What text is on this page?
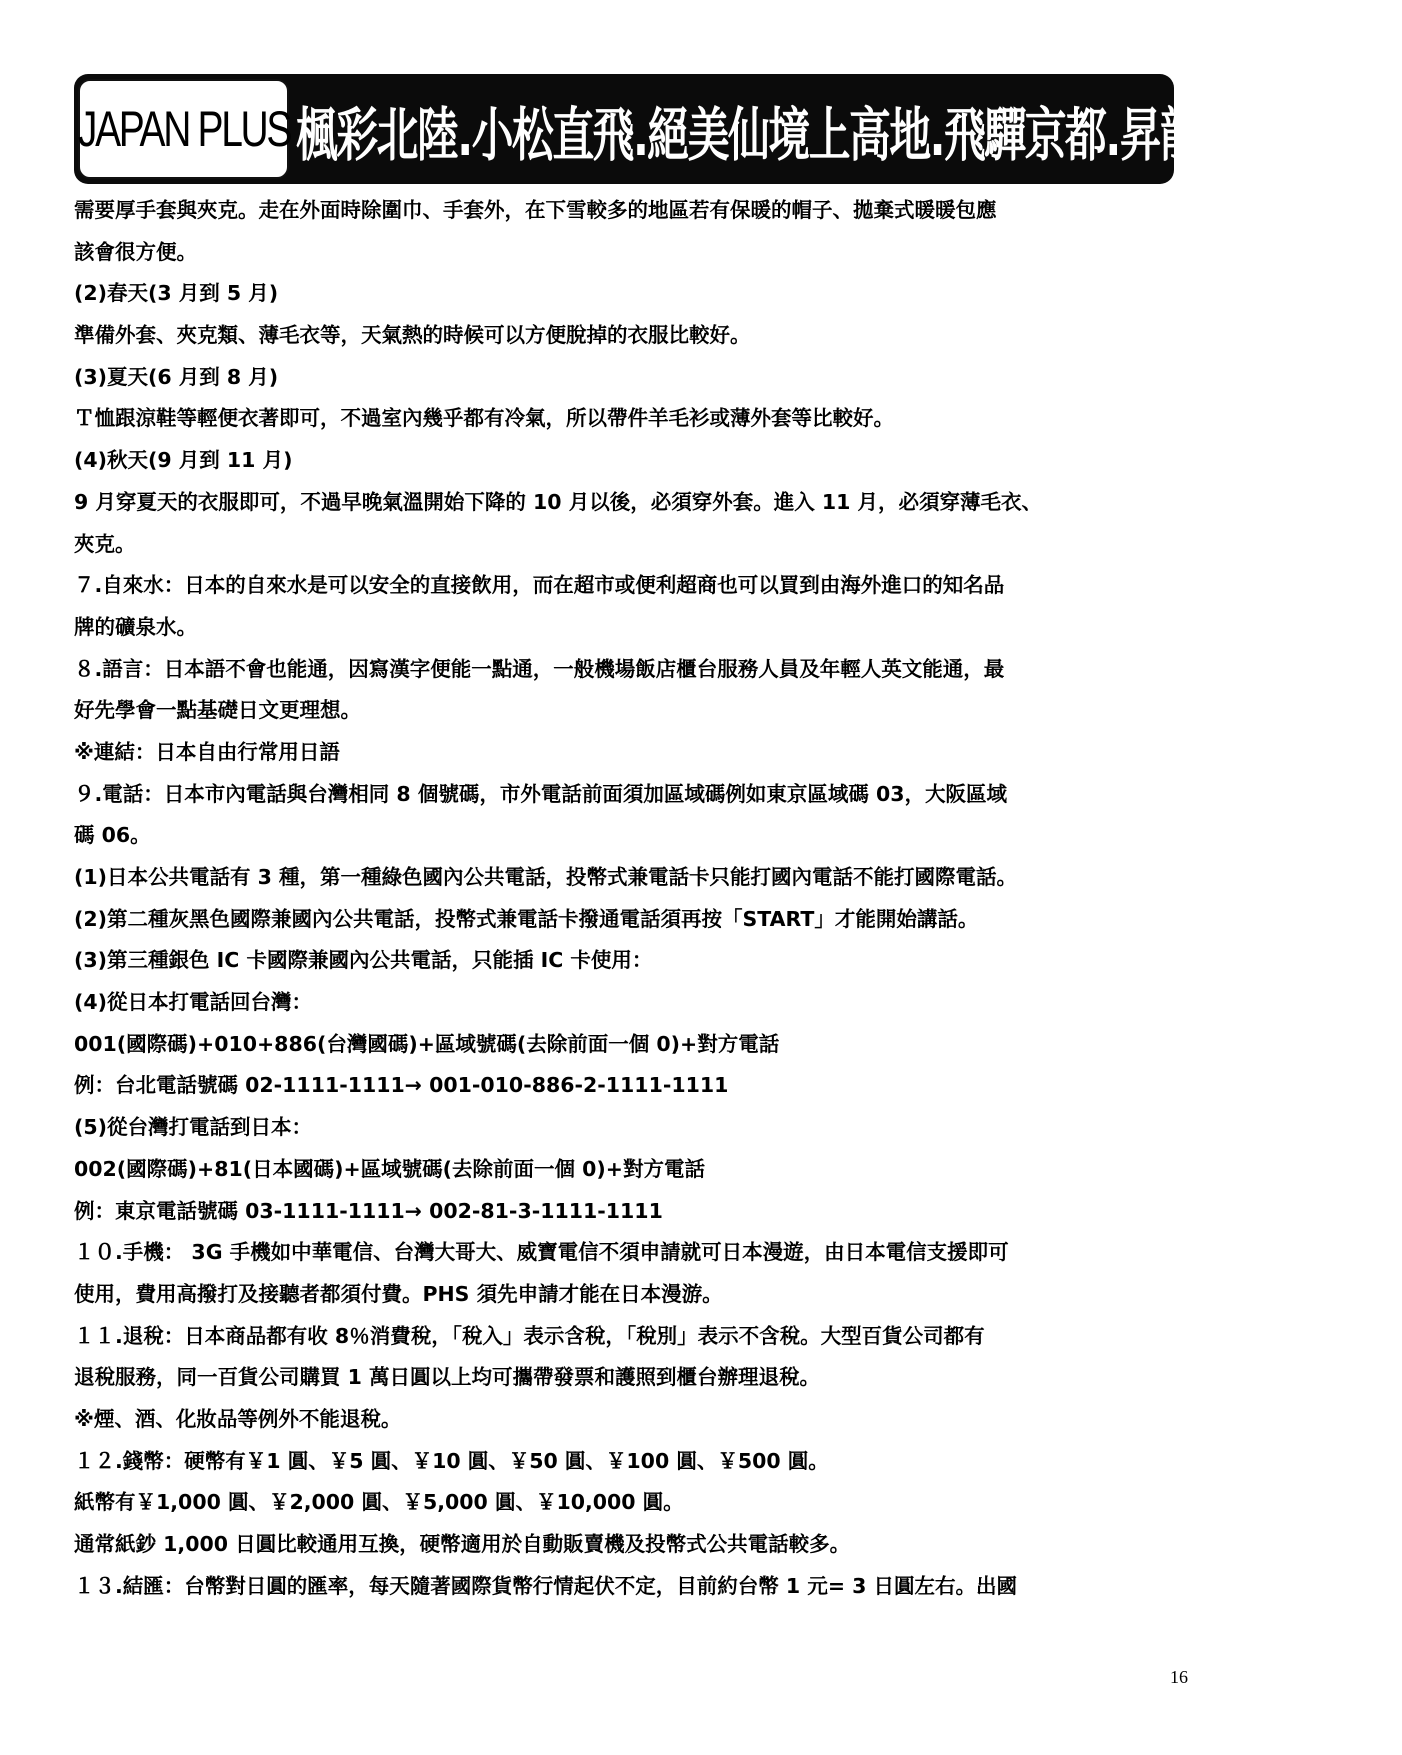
JAPAN PLUS 楓彩北陸.小松直飛.絕美仙境上高地.飛驒京都.昇龍道溫泉五日
需要厚手套與夾克。走在外面時除圍巾、手套外，在下雪較多的地區若有保暖的帽子、拋棄式暖暖包應
該會很方便。
(2)春天(3 月到 5 月)
準備外套、夾克類、薄毛衣等，天氣熱的時候可以方便脫掉的衣服比較好。
(3)夏天(6 月到 8 月)
Ｔ恤跟涼鞋等輕便衣著即可，不過室內幾乎都有冷氣，所以帶件羊毛衫或薄外套等比較好。
(4)秋天(9 月到 11 月)
9 月穿夏天的衣服即可，不過早晚氣溫開始下降的 10 月以後，必須穿外套。進入 11 月，必須穿薄毛衣、
夾克。
７.自來水：日本的自來水是可以安全的直接飲用，而在超市或便利超商也可以買到由海外進口的知名品
牌的礦泉水。
８.語言：日本語不會也能通，因寫漢字便能一點通，一般機場飯店櫃台服務人員及年輕人英文能通，最
好先學會一點基礎日文更理想。
※連結：日本自由行常用日語
９.電話：日本市內電話與台灣相同 8 個號碼，市外電話前面須加區域碼例如東京區域碼 03，大阪區域
碼 06。
(1)日本公共電話有 3 種，第一種綠色國內公共電話，投幣式兼電話卡只能打國內電話不能打國際電話。
(2)第二種灰黑色國際兼國內公共電話，投幣式兼電話卡撥通電話須再按「START」才能開始講話。
(3)第三種銀色 IC 卡國際兼國內公共電話，只能插 IC 卡使用：
(4)從日本打電話回台灣：
001(國際碼)+010+886(台灣國碼)+區域號碼(去除前面一個 0)+對方電話
例：台北電話號碼 02-1111-1111→ 001-010-886-2-1111-1111
(5)從台灣打電話到日本：
002(國際碼)+81(日本國碼)+區域號碼(去除前面一個 0)+對方電話
例：東京電話號碼 03-1111-1111→ 002-81-3-1111-1111
１０.手機： 3G 手機如中華電信、台灣大哥大、威寶電信不須申請就可日本漫遊，由日本電信支援即可
使用，費用高撥打及接聽者都須付費。PHS 須先申請才能在日本漫游。
１１.退稅：日本商品都有收 8％消費稅，「稅入」表示含稅，「稅別」表示不含稅。大型百貨公司都有
退稅服務，同一百貨公司購買 1 萬日圓以上均可攜帶發票和護照到櫃台辦理退稅。
※煙、酒、化妝品等例外不能退稅。
１２.錢幣：硬幣有￥1 圓、￥5 圓、￥10 圓、￥50 圓、￥100 圓、￥500 圓。
紙幣有￥1,000 圓、￥2,000 圓、￥5,000 圓、￥10,000 圓。
通常紙鈔 1,000 日圓比較通用互換，硬幣適用於自動販賣機及投幣式公共電話較多。
１３.結匯：台幣對日圓的匯率，每天隨著國際貨幣行情起伏不定，目前約台幣 1 元= 3 日圓左右。出國
16
